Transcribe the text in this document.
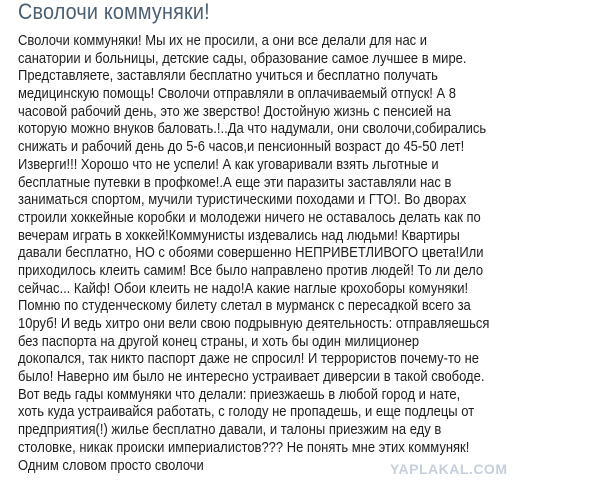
Сволочи коммуняки!
Сволочи коммуняки! Мы их не просили, а они все делали для нас и
санатории и больницы, детские сады, образование самое лучшее в мире.
Представляете, заставляли бесплатно учиться и бесплатно получать
медицинскую помощь! Сволочи отправляли в оплачиваемый отпуск! А 8
часовой рабочий день, это же зверство! Достойную жизнь с пенсией на
которую можно внуков баловать.!..Да что надумали, они сволочи,собирались
снижать и рабочий день до 5-6 часов,и пенсионный возраст до 45-50 лет!
Изверги!!! Хорошо что не успели! А как уговаривали взять льготные и
бесплатные путевки в профкоме!.А еще эти паразиты заставляли нас в
заниматься спортом, мучили туристическими походами и ГТО!. Во дворах
строили хоккейные коробки и молодежи ничего не оставалось делать как по
вечерам играть в хоккей!Коммунисты издевались над людьми! Квартиры
давали бесплатно, НО с обоями совершенно НЕПРИВЕТЛИВОГО цвета!Или
приходилось клеить самим! Все было направлено против людей! То ли дело
сейчас... Кайф! Обои клеить не надо!А какие наглые крохоборы комуняки!
Помню по студенческому билету слетал в мурманск с пересадкой всего за
10руб! И ведь хитро они вели свою подрывную деятельность: отправляешься
без паспорта на другой конец страны, и хоть бы один милиционер
докопался, так никто паспорт даже не спросил! И террористов почему-то не
было! Наверно им было не интересно устраивает диверсии в такой свободе.
Вот ведь гады коммуняки что делали: приезжаешь в любой город и нате,
хоть куда устраивайся работать, с голоду не пропадешь, и еще подлецы от
предприятия(!) жилье бесплатно давали, и талоны приезжим на еду в
столовке, никак происки империалистов??? Не понять мне этих коммуняк!
Одним словом просто сволочи	YAPLAKAL.COM
